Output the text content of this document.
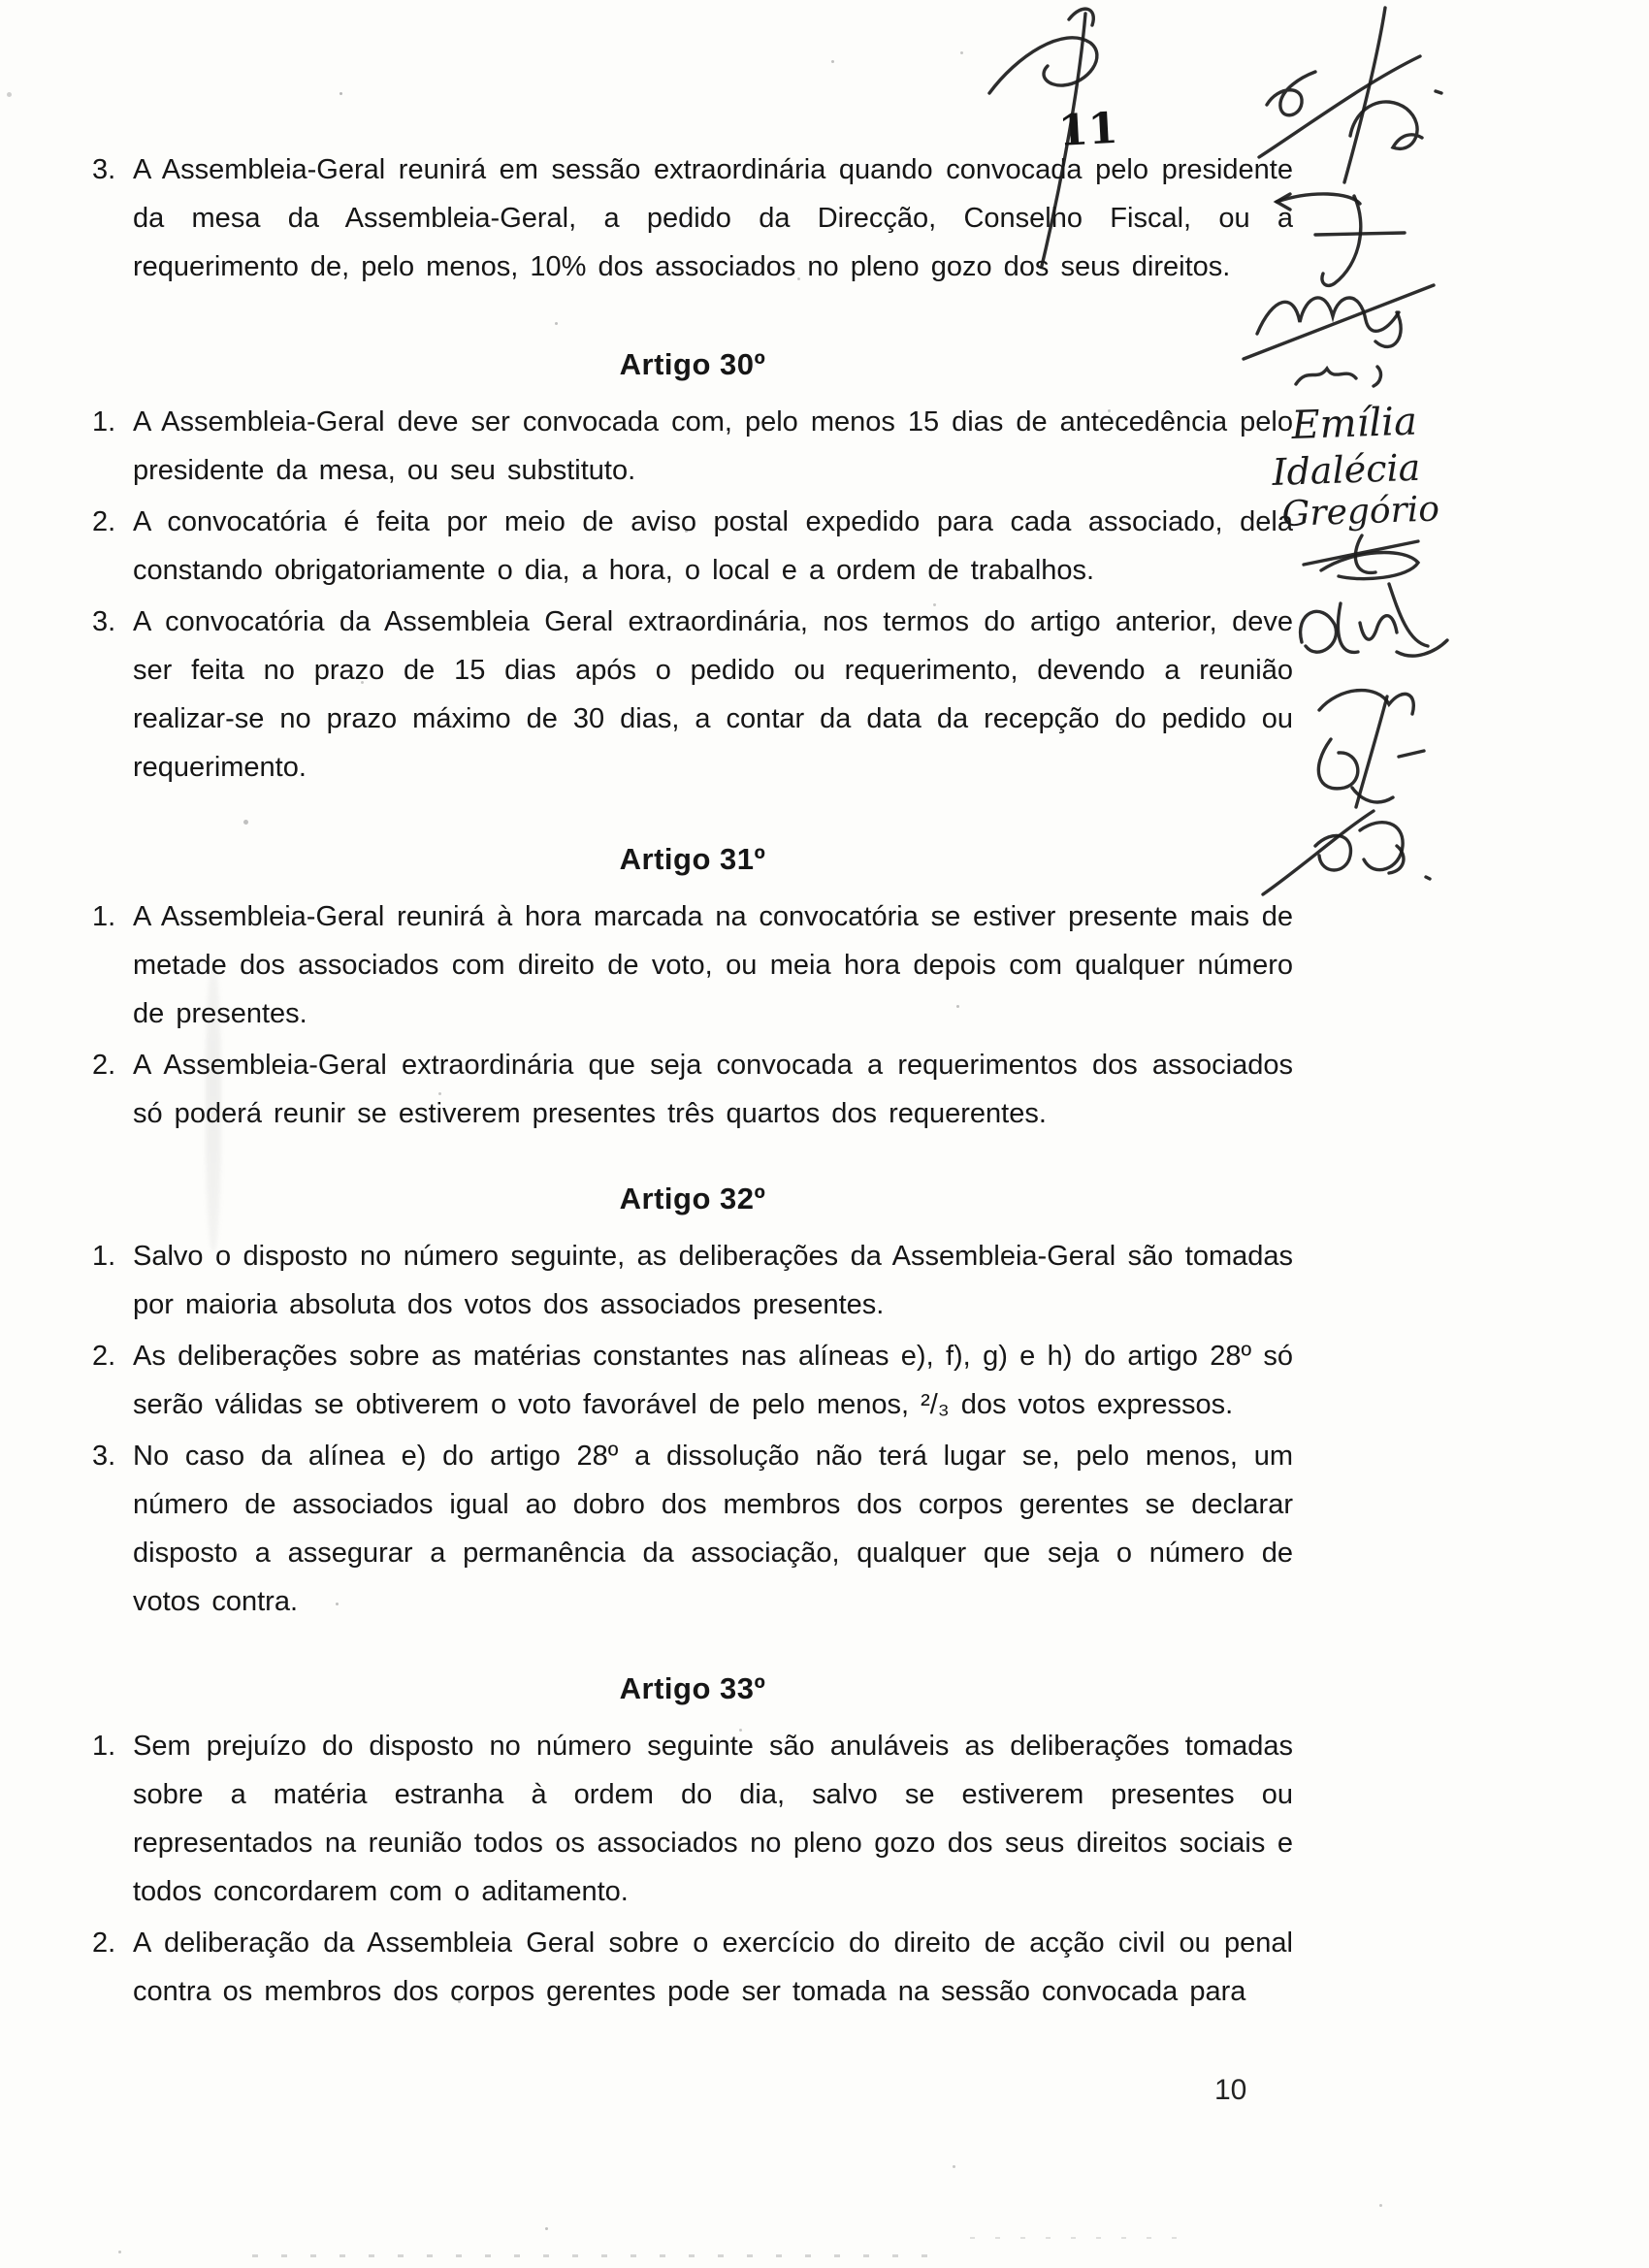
3. A Assembleia-Geral reunirá em sessão extraordinária quando convocada pelo presidente da mesa da Assembleia-Geral, a pedido da Direcção, Conselho Fiscal, ou a requerimento de, pelo menos, 10% dos associados no pleno gozo dos seus direitos.
Artigo 30º
1. A Assembleia-Geral deve ser convocada com, pelo menos 15 dias de antecedência pelo presidente da mesa, ou seu substituto.
2. A convocatória é feita por meio de aviso postal expedido para cada associado, dela constando obrigatoriamente o dia, a hora, o local e a ordem de trabalhos.
3. A convocatória da Assembleia Geral extraordinária, nos termos do artigo anterior, deve ser feita no prazo de 15 dias após o pedido ou requerimento, devendo a reunião realizar-se no prazo máximo de 30 dias, a contar da data da recepção do pedido ou requerimento.
Artigo 31º
1. A Assembleia-Geral reunirá à hora marcada na convocatória se estiver presente mais de metade dos associados com direito de voto, ou meia hora depois com qualquer número de presentes.
2. A Assembleia-Geral extraordinária que seja convocada a requerimentos dos associados só poderá reunir se estiverem presentes três quartos dos requerentes.
Artigo 32º
1. Salvo o disposto no número seguinte, as deliberações da Assembleia-Geral são tomadas por maioria absoluta dos votos dos associados presentes.
2. As deliberações sobre as matérias constantes nas alíneas e), f), g) e h) do artigo 28º só serão válidas se obtiverem o voto favorável de pelo menos, ²/₃ dos votos expressos.
3. No caso da alínea e) do artigo 28º a dissolução não terá lugar se, pelo menos, um número de associados igual ao dobro dos membros dos corpos gerentes se declarar disposto a assegurar a permanência da associação, qualquer que seja o número de votos contra.
Artigo 33º
1. Sem prejuízo do disposto no número seguinte são anuláveis as deliberações tomadas sobre a matéria estranha à ordem do dia, salvo se estiverem presentes ou representados na reunião todos os associados no pleno gozo dos seus direitos sociais e todos concordarem com o aditamento.
2. A deliberação da Assembleia Geral sobre o exercício do direito de acção civil ou penal contra os membros dos corpos gerentes pode ser tomada na sessão convocada para
10
11
Emília
Idalécia
Gregório
